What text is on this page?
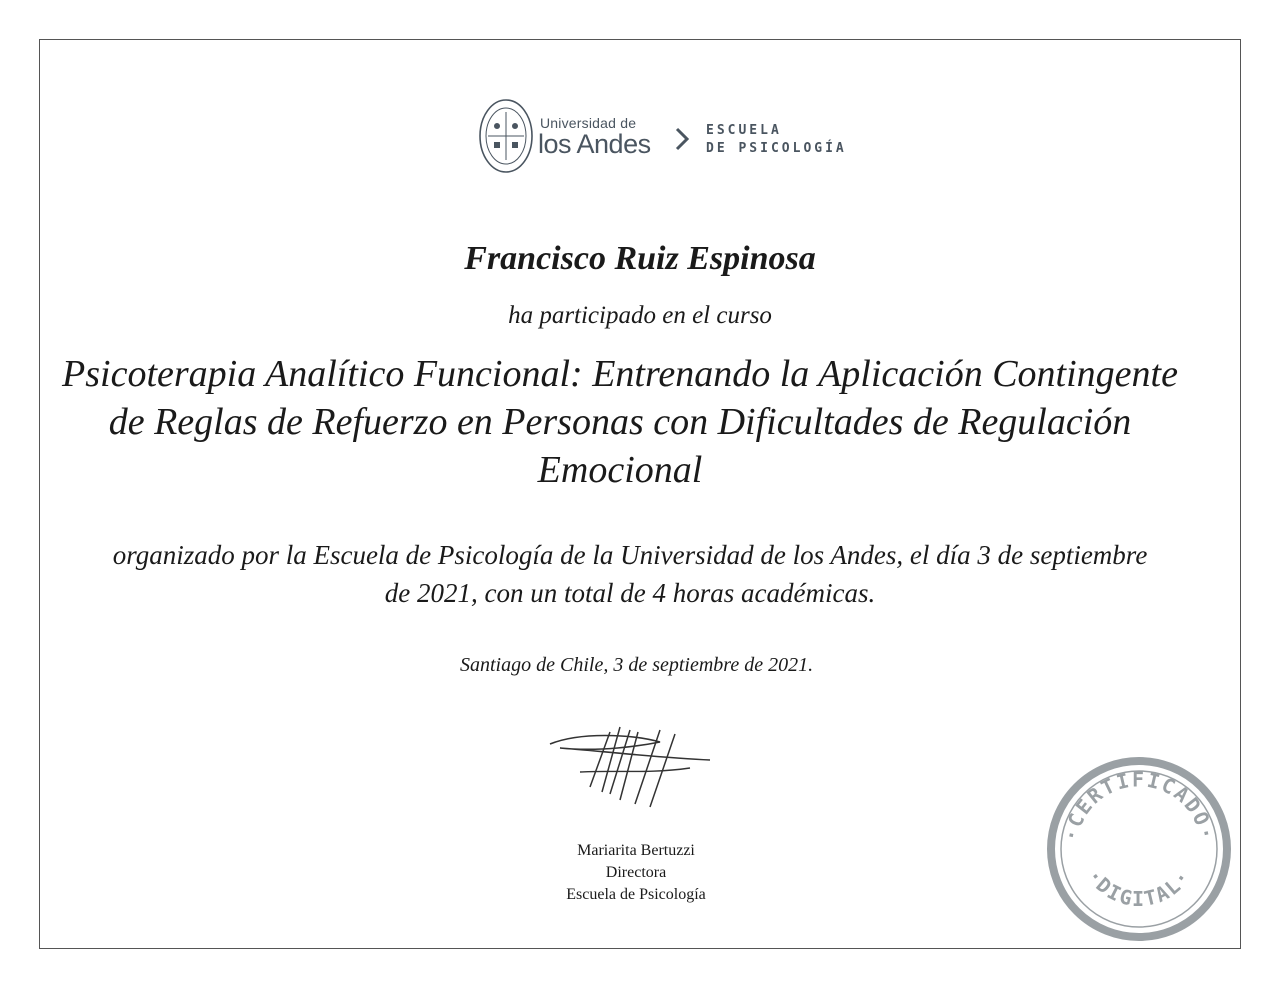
Universidad de
los Andes	ESCUELA
DE PSICOLOGÍA
Francisco Ruiz Espinosa
ha participado en el curso
Psicoterapia Analítico Funcional: Entrenando la Aplicación Contingente de Reglas de Refuerzo en Personas con Dificultades de Regulación Emocional
organizado por la Escuela de Psicología de la Universidad de los Andes, el día 3 de septiembre de 2021, con un total de 4 horas académicas.
Santiago de Chile, 3 de septiembre de 2021.
Mariarita Bertuzzi
Directora
Escuela de Psicología
·CERTIFICADO·
·DIGITAL·
